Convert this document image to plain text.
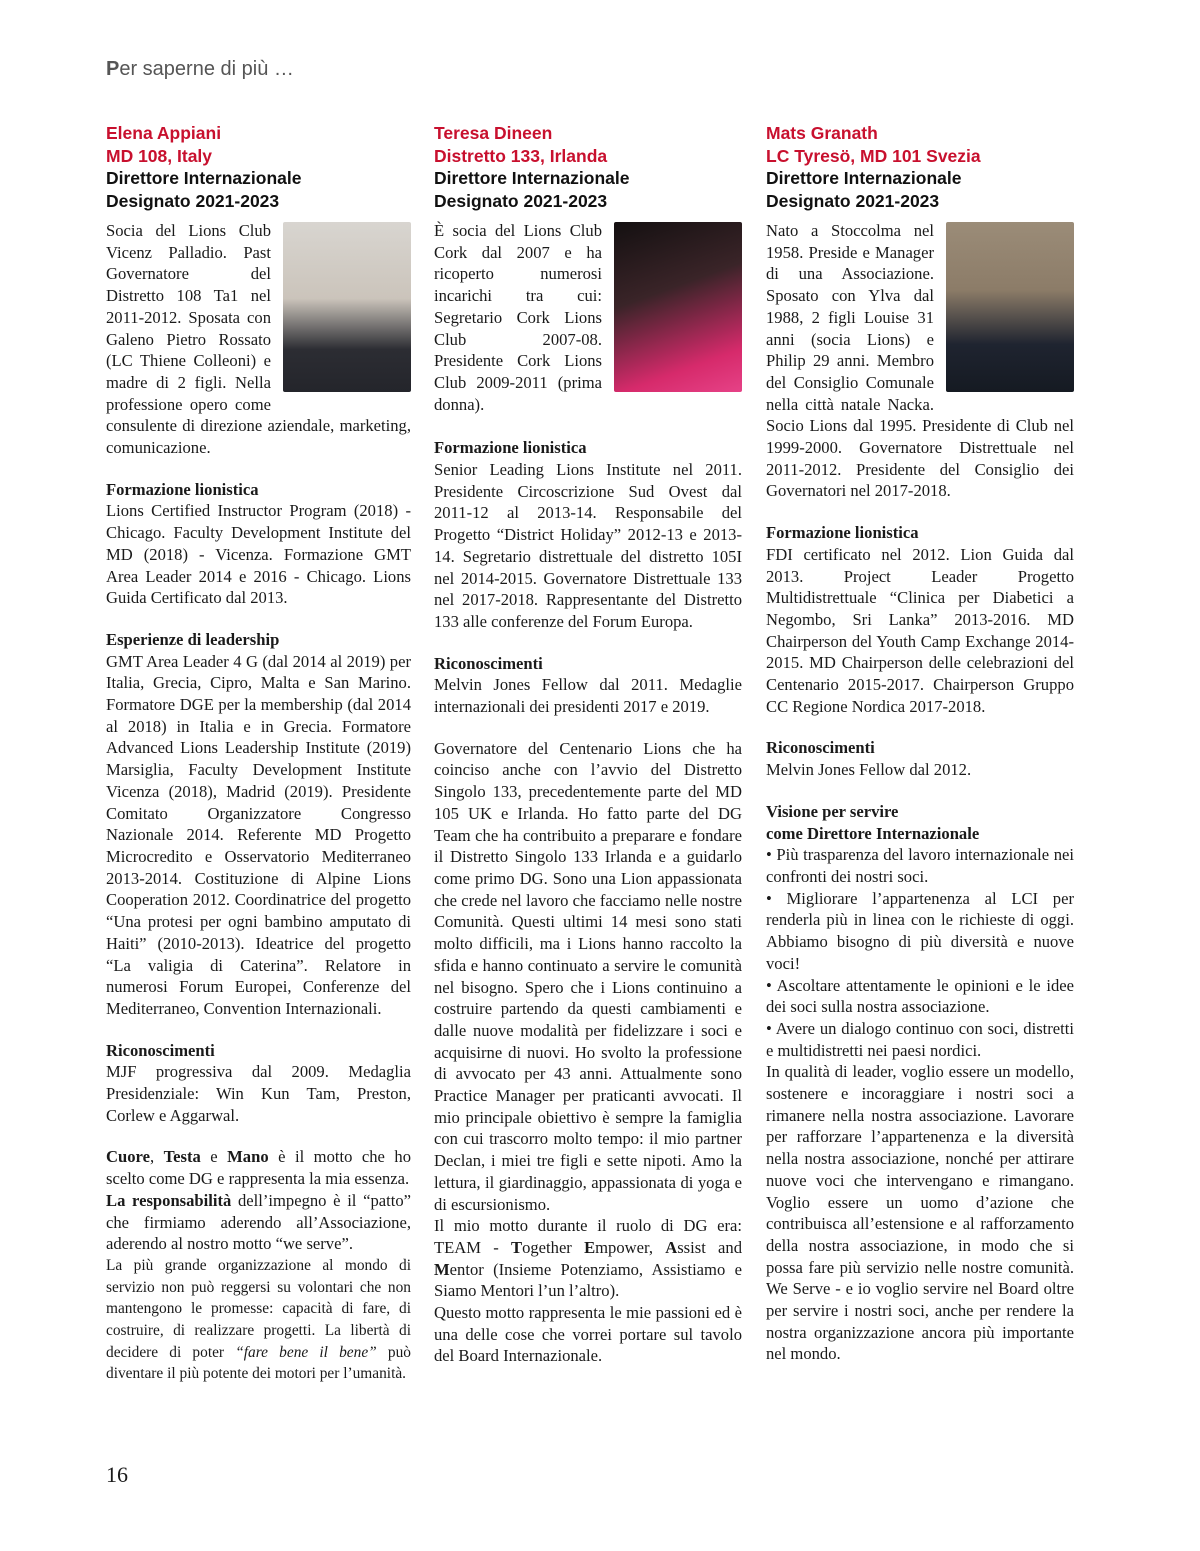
Per saperne di più …
Elena Appiani
MD 108, Italy
Direttore Internazionale
Designato 2021-2023

Socia del Lions Club Vicenz Palladio. Past Governatore del Distretto 108 Ta1 nel 2011-2012. Sposata con Galeno Pietro Rossato (LC Thiene Colleoni) e madre di 2 figli. Nella professione opero come consulente di direzione aziendale, marketing, comunicazione.

Formazione lionistica

Lions Certified Instructor Program (2018) - Chicago. Faculty Development Institute del MD (2018) - Vicenza. Formazione GMT Area Leader 2014 e 2016 - Chicago. Lions Guida Certificato dal 2013.

Esperienze di leadership

GMT Area Leader 4 G (dal 2014 al 2019) per Italia, Grecia, Cipro, Malta e San Marino. Formatore DGE per la membership (dal 2014 al 2018) in Italia e in Grecia. Formatore Advanced Lions Leadership Institute (2019) Marsiglia, Faculty Development Institute Vicenza (2018), Madrid (2019). Presidente Comitato Organizzatore Congresso Nazionale 2014. Referente MD Progetto Microcredito e Osservatorio Mediterraneo 2013-2014. Costituzione di Alpine Lions Cooperation 2012. Coordinatrice del progetto “Una protesi per ogni bambino amputato di Haiti” (2010-2013). Ideatrice del progetto “La valigia di Caterina”. Relatore in numerosi Forum Europei, Conferenze del Mediterraneo, Convention Internazionali.

Riconoscimenti

MJF progressiva dal 2009. Medaglia Presidenziale: Win Kun Tam, Preston, Corlew e Aggarwal.

Cuore, Testa e Mano è il motto che ho scelto come DG e rappresenta la mia essenza.

La responsabilità dell’impegno è il “patto” che firmiamo aderendo all’Associazione, aderendo al nostro motto “we serve”.

La più grande organizzazione al mondo di servizio non può reggersi su volontari che non mantengono le promesse: capacità di fare, di costruire, di realizzare progetti. La libertà di decidere di poter “fare bene il bene” può diventare il più potente dei motori per l’umanità.

Teresa Dineen
Distretto 133, Irlanda
Direttore Internazionale
Designato 2021-2023

È socia del Lions Club Cork dal 2007 e ha ricoperto numerosi incarichi tra cui: Segretario Cork Lions Club 2007-08. Presidente Cork Lions Club 2009-2011 (prima donna).

Formazione lionistica

Senior Leading Lions Institute nel 2011. Presidente Circoscrizione Sud Ovest dal 2011-12 al 2013-14. Responsabile del Progetto “District Holiday” 2012-13 e 2013-14. Segretario distrettuale del distretto 105I nel 2014-2015. Governatore Distrettuale 133 nel 2017-2018. Rappresentante del Distretto 133 alle conferenze del Forum Europa.

Riconoscimenti

Melvin Jones Fellow dal 2011. Medaglie internazionali dei presidenti 2017 e 2019.

Governatore del Centenario Lions che ha coinciso anche con l’avvio del Distretto Singolo 133, precedentemente parte del MD 105 UK e Irlanda. Ho fatto parte del DG Team che ha contribuito a preparare e fondare il Distretto Singolo 133 Irlanda e a guidarlo come primo DG. Sono una Lion appassionata che crede nel lavoro che facciamo nelle nostre Comunità. Questi ultimi 14 mesi sono stati molto difficili, ma i Lions hanno raccolto la sfida e hanno continuato a servire le comunità nel bisogno. Spero che i Lions continuino a costruire partendo da questi cambiamenti e dalle nuove modalità per fidelizzare i soci e acquisirne di nuovi. Ho svolto la professione di avvocato per 43 anni. Attualmente sono Practice Manager per praticanti avvocati. Il mio principale obiettivo è sempre la famiglia con cui trascorro molto tempo: il mio partner Declan, i miei tre figli e sette nipoti. Amo la lettura, il giardinaggio, appassionata di yoga e di escursionismo.

Il mio motto durante il ruolo di DG era: TEAM - Together Empower, Assist and Mentor (Insieme Potenziamo, Assistiamo e Siamo Mentori l’un l’altro).

Questo motto rappresenta le mie passioni ed è una delle cose che vorrei portare sul tavolo del Board Internazionale.

Mats Granath
LC Tyresö, MD 101 Svezia
Direttore Internazionale
Designato 2021-2023

Nato a Stoccolma nel 1958. Preside e Manager di una Associazione. Sposato con Ylva dal 1988, 2 figli Louise 31 anni (socia Lions) e Philip 29 anni. Membro del Consiglio Comunale nella città natale Nacka. Socio Lions dal 1995. Presidente di Club nel 1999-2000. Governatore Distrettuale nel 2011-2012. Presidente del Consiglio dei Governatori nel 2017-2018.

Formazione lionistica

FDI certificato nel 2012. Lion Guida dal 2013. Project Leader Progetto Multidistrettuale “Clinica per Diabetici a Negombo, Sri Lanka” 2013-2016. MD Chairperson del Youth Camp Exchange 2014-2015. MD Chairperson delle celebrazioni del Centenario 2015-2017. Chairperson Gruppo CC Regione Nordica 2017-2018.

Riconoscimenti

Melvin Jones Fellow dal 2012.

Visione per servire
come Direttore Internazionale

• Più trasparenza del lavoro internazionale nei confronti dei nostri soci.

• Migliorare l’appartenenza al LCI per renderla più in linea con le richieste di oggi. Abbiamo bisogno di più diversità e nuove voci!

• Ascoltare attentamente le opinioni e le idee dei soci sulla nostra associazione.

• Avere un dialogo continuo con soci, distretti e multidistretti nei paesi nordici.

In qualità di leader, voglio essere un modello, sostenere e incoraggiare i nostri soci a rimanere nella nostra associazione. Lavorare per rafforzare l’appartenenza e la diversità nella nostra associazione, nonché per attirare nuove voci che intervengano e rimangano. Voglio essere un uomo d’azione che contribuisca all’estensione e al rafforzamento della nostra associazione, in modo che si possa fare più servizio nelle nostre comunità. We Serve - e io voglio servire nel Board oltre per servire i nostri soci, anche per rendere la nostra organizzazione ancora più importante nel mondo.

16
